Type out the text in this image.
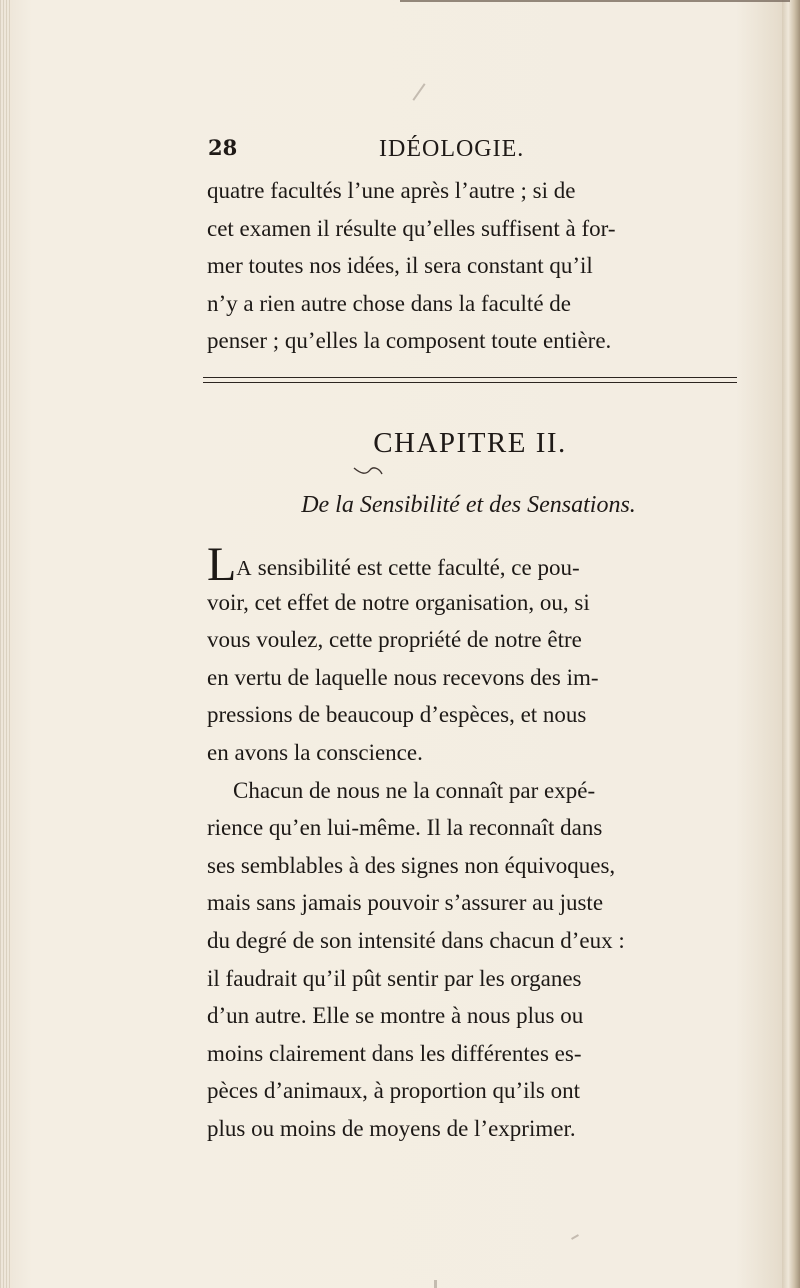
28	IDÉOLOGIE.
quatre facultés l’une après l’autre ; si de
cet examen il résulte qu’elles suffisent à for-
mer toutes nos idées, il sera constant qu’il
n’y a rien autre chose dans la faculté de
penser ; qu’elles la composent toute entière.
CHAPITRE II.
De la Sensibilité et des Sensations.
LA sensibilité est cette faculté, ce pou-
voir, cet effet de notre organisation, ou, si
vous voulez, cette propriété de notre être
en vertu de laquelle nous recevons des im-
pressions de beaucoup d’espèces, et nous
en avons la conscience.
Chacun de nous ne la connaît par expé-
rience qu’en lui-même. Il la reconnaît dans
ses semblables à des signes non équivoques,
mais sans jamais pouvoir s’assurer au juste
du degré de son intensité dans chacun d’eux :
il faudrait qu’il pût sentir par les organes
d’un autre. Elle se montre à nous plus ou
moins clairement dans les différentes es-
pèces d’animaux, à proportion qu’ils ont
plus ou moins de moyens de l’exprimer.
